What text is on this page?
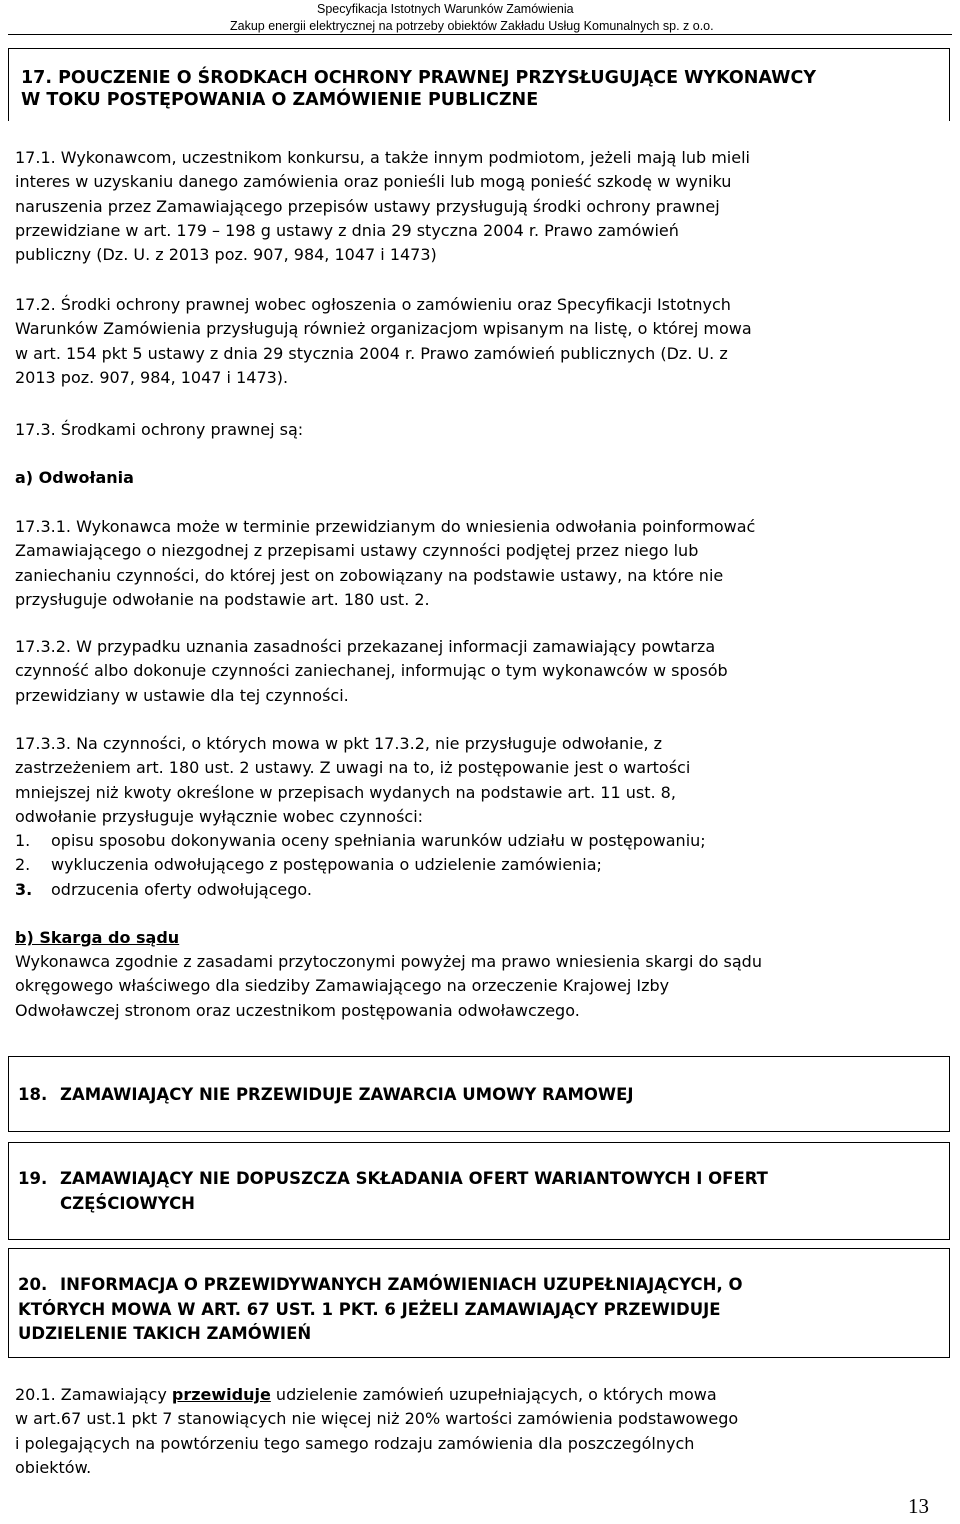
Specyfikacja Istotnych Warunków Zamówienia
Zakup energii elektrycznej na potrzeby obiektów Zakładu Usług Komunalnych sp. z o.o.
17. POUCZENIE O ŚRODKACH OCHRONY PRAWNEJ PRZYSŁUGUJĄCE WYKONAWCY
W TOKU POSTĘPOWANIA O ZAMÓWIENIE PUBLICZNE
17.1. Wykonawcom, uczestnikom konkursu, a także innym podmiotom, jeżeli mają lub mieli
interes w uzyskaniu danego zamówienia oraz ponieśli lub mogą ponieść szkodę w wyniku
naruszenia przez Zamawiającego przepisów ustawy przysługują środki ochrony prawnej
przewidziane w art. 179 – 198 g ustawy z dnia 29 styczna 2004 r. Prawo zamówień
publiczny (Dz. U. z 2013 poz. 907, 984, 1047 i 1473)
17.2. Środki ochrony prawnej wobec ogłoszenia o zamówieniu oraz Specyfikacji Istotnych
Warunków Zamówienia przysługują również organizacjom wpisanym na listę, o której mowa
w art. 154 pkt 5 ustawy z dnia 29 stycznia 2004 r. Prawo zamówień publicznych (Dz. U. z
2013 poz. 907, 984, 1047 i 1473).
17.3. Środkami ochrony prawnej są:
a) Odwołania
17.3.1. Wykonawca może w terminie przewidzianym do wniesienia odwołania poinformować
Zamawiającego o niezgodnej z przepisami ustawy czynności podjętej przez niego lub
zaniechaniu czynności, do której jest on zobowiązany na podstawie ustawy, na które nie
przysługuje odwołanie na podstawie art. 180 ust. 2.
17.3.2. W przypadku uznania zasadności przekazanej informacji zamawiający powtarza
czynność albo dokonuje czynności zaniechanej, informując o tym wykonawców w sposób
przewidziany w ustawie dla tej czynności.
17.3.3. Na czynności, o których mowa w pkt 17.3.2, nie przysługuje odwołanie, z
zastrzeżeniem art. 180 ust. 2 ustawy. Z uwagi na to, iż postępowanie jest o wartości
mniejszej niż kwoty określone w przepisach wydanych na podstawie art. 11 ust. 8,
odwołanie przysługuje wyłącznie wobec czynności:
1.	opisu sposobu dokonywania oceny spełniania warunków udziału w postępowaniu;
2.	wykluczenia odwołującego z postępowania o udzielenie zamówienia;
3.	odrzucenia oferty odwołującego.
b) Skarga do sądu
Wykonawca zgodnie z zasadami przytoczonymi powyżej ma prawo wniesienia skargi do sądu
okręgowego właściwego dla siedziby Zamawiającego na orzeczenie Krajowej Izby
Odwoławczej stronom oraz uczestnikom postępowania odwoławczego.
18. ZAMAWIAJĄCY NIE PRZEWIDUJE ZAWARCIA UMOWY RAMOWEJ
19. ZAMAWIAJĄCY NIE DOPUSZCZA SKŁADANIA OFERT WARIANTOWYCH I OFERT
CZĘŚCIOWYCH
20. INFORMACJA O PRZEWIDYWANYCH ZAMÓWIENIACH UZUPEŁNIAJĄCYCH, O
KTÓRYCH MOWA W ART. 67 UST. 1 PKT. 6 JEŻELI ZAMAWIAJĄCY PRZEWIDUJE
UDZIELENIE TAKICH ZAMÓWIEŃ
20.1. Zamawiający przewiduje udzielenie zamówień uzupełniających, o których mowa
w art.67 ust.1 pkt 7 stanowiących nie więcej niż 20% wartości zamówienia podstawowego
i polegających na powtórzeniu tego samego rodzaju zamówienia dla poszczególnych
obiektów.
13
